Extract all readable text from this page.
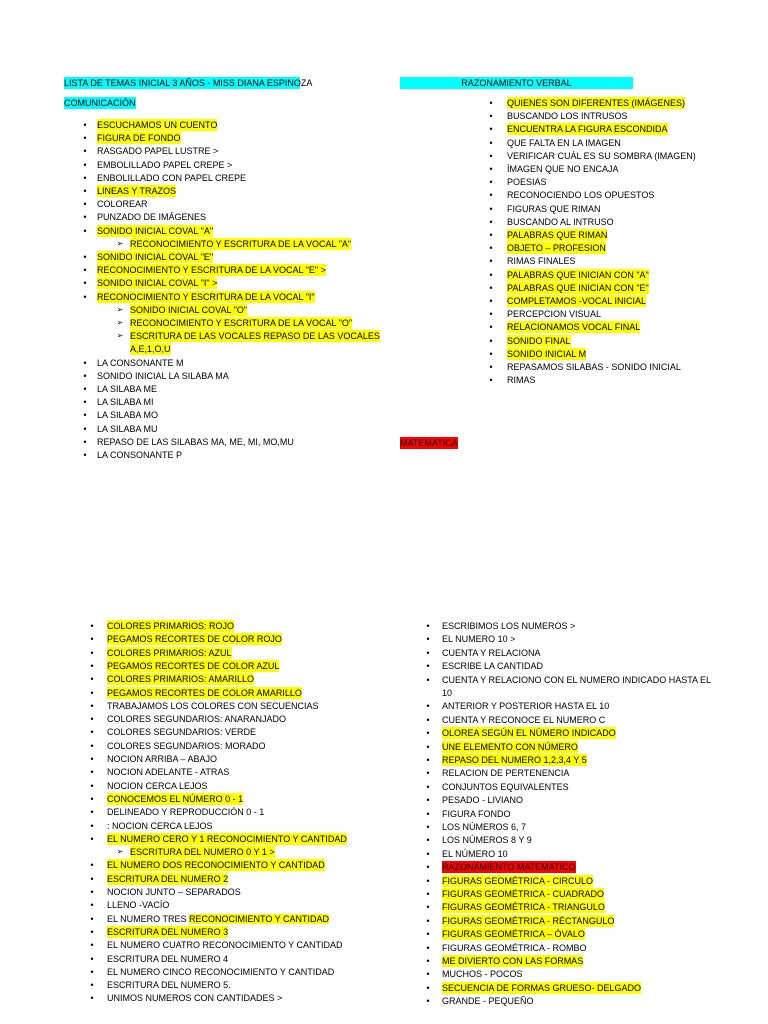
LISTA DE TEMAS INICIAL 3 AÑOS - MISS DIANA ESPINOZA
COMUNICACIÓN
RAZONAMIENTO VERBAL
MATEMATICA
•	ESCUCHAMOS UN CUENTO
•	FIGURA DE FONDO
•	RASGADO PAPEL LUSTRE >
•	EMBOLILLADO PAPEL CREPE >
•	ENBOLILLADO CON PAPEL CREPE
•	LINEAS Y TRAZOS
•	COLOREAR
•	PUNZADO DE IMÁGENES
•	SONIDO INICIAL COVAL "A"
➢ RECONOCIMIENTO Y ESCRITURA DE LA VOCAL "A"
•	SONIDO INICIAL COVAL "E"
•	RECONOCIMIENTO Y ESCRITURA DE LA VOCAL "E" >
•	SONIDO INICIAL COVAL "I" >
•	RECONOCIMIENTO Y ESCRITURA DE LA VOCAL "I"
➢ SONIDO INICIAL COVAL "O"
➢ RECONOCIMIENTO Y ESCRITURA DE LA VOCAL "O"
➢ ESCRITURA DE LAS VOCALES REPASO DE LAS VOCALES
A,E,1,O,U
•	LA CONSONANTE M
•	SONIDO INICIAL LA SILABA MA
•	LA SILABA ME
•	LA SILABA MI
•	LA SILABA MO
•	LA SILABA MU
•	REPASO DE LAS SILABAS MA, ME, MI, MO,MU
•	LA CONSONANTE P
•	QUIENES SON DIFERENTES (IMÁGENES)
•	BUSCANDO LOS INTRUSOS
•	ENCUENTRA LA FIGURA ESCONDIDA
•	QUE FALTA EN LA IMAGEN
•	VERIFICAR CUÁL ES SU SOMBRA (IMAGEN)
•	ÍMAGEN QUE NO ENCAJA
•	POESIAS
•	RECONOCIENDO LOS OPUESTOS
•	FIGURAS QUE RIMAN
•	BUSCANDO AL INTRUSO
•	PALABRAS QUE RIMAN
•	OBJETO – PROFESION
•	RIMAS FINALES
•	PALABRAS QUE INICIAN CON "A"
•	PALABRAS QUE INICIAN CON "E"
•	COMPLETAMOS -VOCAL INICIAL
•	PERCEPCION VISUAL
•	RELACIONAMOS VOCAL FINAL
•	SONIDO FINAL
•	SONIDO INICIAL M
•	REPASAMOS SILABAS - SONIDO INICIAL
•	RIMAS
•	COLORES PRIMARIOS: ROJO
•	PEGAMOS RECORTES DE COLOR ROJO
•	COLORES PRIMARIOS: AZUL
•	PEGAMOS RECORTES DE COLOR AZUL
•	COLORES PRIMARIOS: AMARILLO
•	PEGAMOS RECORTES DE COLOR AMARILLO
•	TRABAJAMOS LOS COLORES CON SECUENCIAS
•	COLORES SEGUNDARIOS: ANARANJADO
•	COLORES SEGUNDARIOS: VERDE
•	COLORES SEGUNDARIOS: MORADO
•	NOCION ARRIBA – ABAJO
•	NOCION ADELANTE - ATRAS
•	NOCION CERCA LEJOS
•	CONOCEMOS EL NÚMERO 0 - 1
•	DELINEADO Y REPRODUCCIÓN 0 - 1
•	: NOCION CERCA LEJOS
•	EL NUMERO CERO Y 1 RECONOCIMIENTO Y CANTIDAD
➢ ESCRITURA DEL NUMERO 0 Y 1 >
•	EL NUMERO DOS RECONOCIMIENTO Y CANTIDAD
•	ESCRITURA DEL NUMERO 2
•	NOCION JUNTO – SEPARADOS
•	LLENO -VACÍO
•	EL NUMERO TRES RECONOCIMIENTO Y CANTIDAD
•	ESCRITURA DEL NUMERO 3
•	EL NUMERO CUATRO RECONOCIMIENTO Y CANTIDAD
•	ESCRITURA DEL NUMERO 4
•	EL NUMERO CINCO RECONOCIMIENTO Y CANTIDAD
•	ESCRITURA DEL NUMERO 5.
•	UNIMOS NUMEROS CON CANTIDADES >
•	ESCRIBIMOS LOS NUMEROS >
•	EL NUMERO 10 >
•	CUENTA Y RELACIONA
•	ESCRIBE LA CANTIDAD
•	CUENTA Y RELACIONO CON EL NUMERO INDICADO HASTA EL
10
•	ANTERIOR Y POSTERIOR HASTA EL 10
•	CUENTA Y RECONOCE EL NUMERO C
•	OLOREA SEGÚN EL NÚMERO INDICADO
•	UNE ELEMENTO CON NÚMERO
•	REPASO DEL NUMERO 1,2,3,4 Y 5
•	RELACION DE PERTENENCIA
•	CONJUNTOS EQUIVALENTES
•	PESADO - LIVIANO
•	FIGURA FONDO
•	LOS NÚMEROS 6, 7
•	LOS NÚMEROS 8 Y 9
•	EL NÚMERO 10
•	RAZONAMIENTO MATEMATICO
•	FIGURAS GEOMÉTRICA - CIRCULO
•	FIGURAS GEOMÉTRICA - CUADRADO
•	FIGURAS GEOMÉTRICA - TRIANGULO
•	FIGURAS GEOMÉTRICA - RÉCTANGULO
•	FIGURAS GEOMÉTRICA – ÓVALO
•	FIGURAS GEOMÉTRICA - ROMBO
•	ME DIVIERTO CON LAS FORMAS
•	MUCHOS - POCOS
•	SECUENCIA DE FORMAS GRUESO- DELGADO
•	GRANDE - PEQUEÑO
